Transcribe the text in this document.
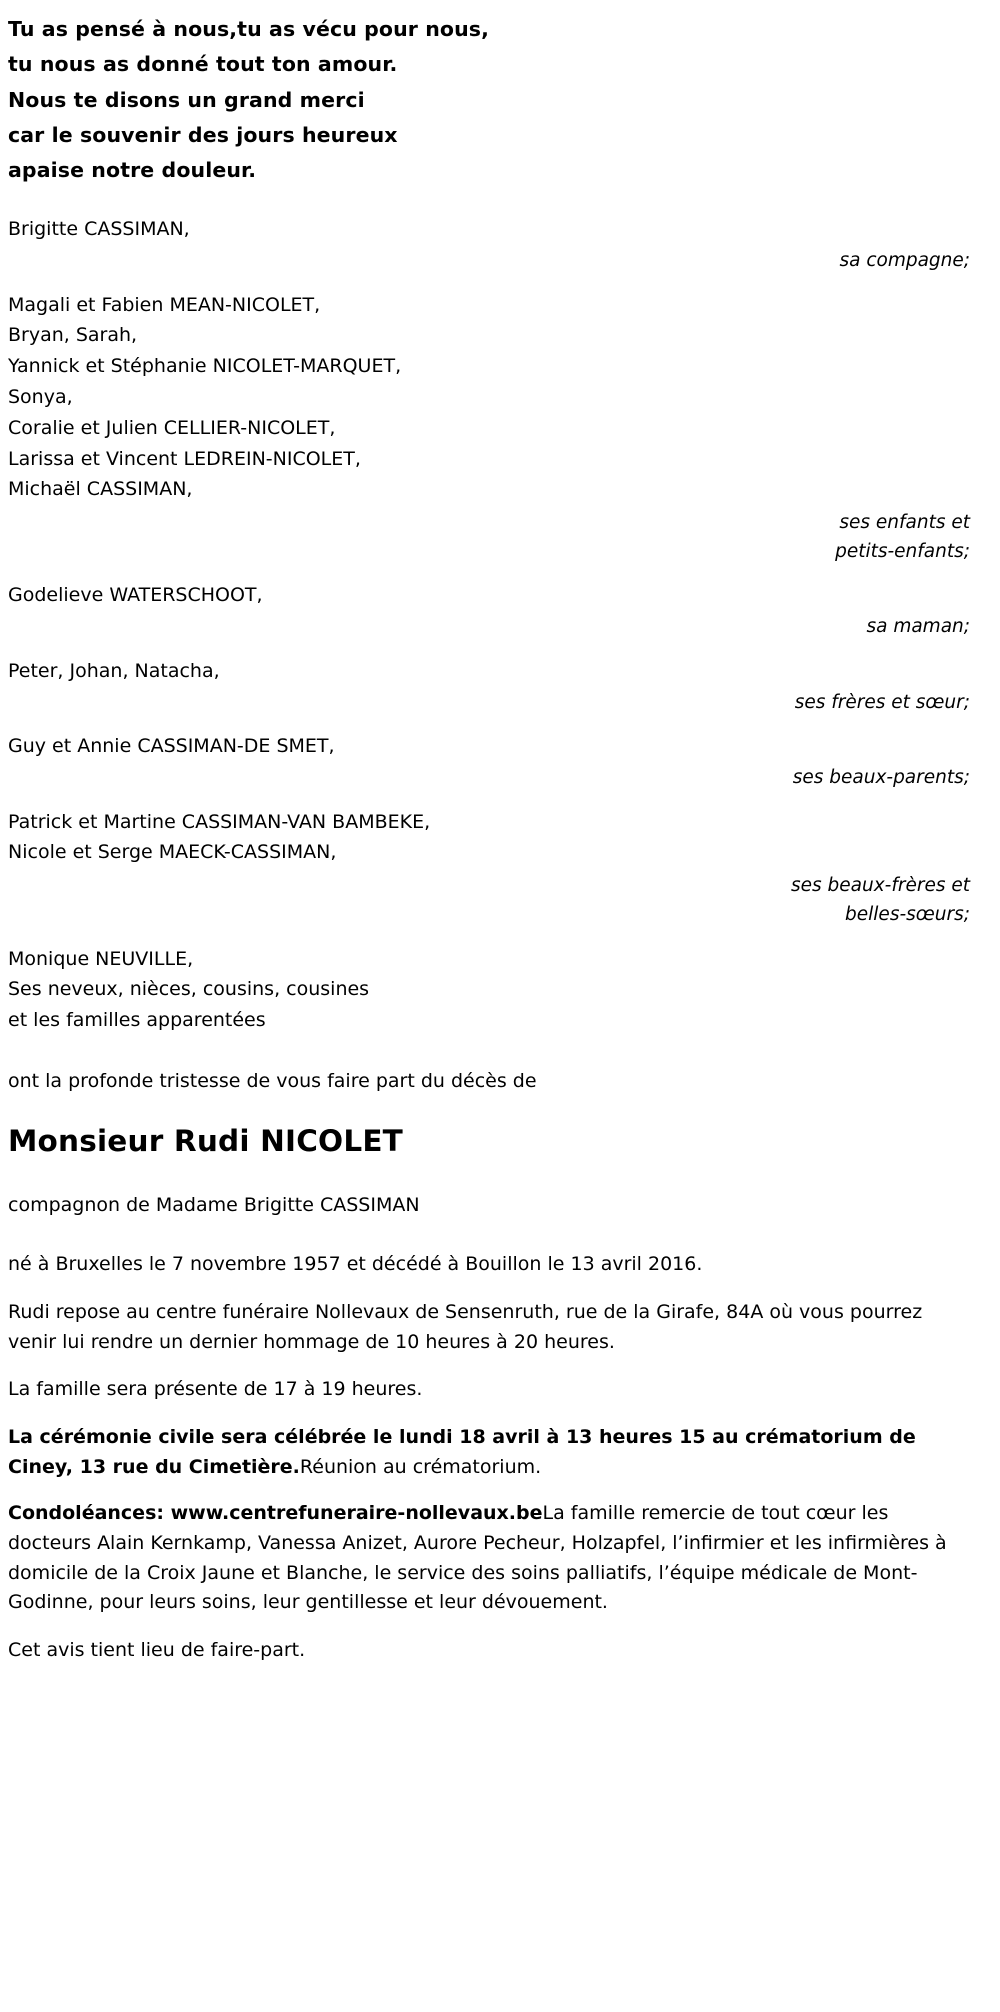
Tu as pensé à nous,tu as vécu pour nous,
tu nous as donné tout ton amour.
Nous te disons un grand merci
car le souvenir des jours heureux
apaise notre douleur.
Brigitte CASSIMAN,
sa compagne;
Magali et Fabien MEAN-NICOLET,
Bryan, Sarah,
Yannick et Stéphanie NICOLET-MARQUET,
Sonya,
Coralie et Julien CELLIER-NICOLET,
Larissa et Vincent LEDREIN-NICOLET,
Michaël CASSIMAN,
ses enfants et
petits-enfants;
Godelieve WATERSCHOOT,
sa maman;
Peter, Johan, Natacha,
ses frères et sœur;
Guy et Annie CASSIMAN-DE SMET,
ses beaux-parents;
Patrick et Martine CASSIMAN-VAN BAMBEKE,
Nicole et Serge MAECK-CASSIMAN,
ses beaux-frères et
belles-sœurs;
Monique NEUVILLE,
Ses neveux, nièces, cousins, cousines
et les familles apparentées
ont la profonde tristesse de vous faire part du décès de
Monsieur Rudi NICOLET
compagnon de Madame Brigitte CASSIMAN
né à Bruxelles le 7 novembre 1957 et décédé à Bouillon le 13 avril 2016.
Rudi repose au centre funéraire Nollevaux de Sensenruth, rue de la Girafe, 84A où vous pourrez venir lui rendre un dernier hommage de 10 heures à 20 heures.
La famille sera présente de 17 à 19 heures.
La cérémonie civile sera célébrée le lundi 18 avril à 13 heures 15 au crématorium de Ciney, 13 rue du Cimetière.Réunion au crématorium.
Condoléances: www.centrefuneraire-nollevaux.beLa famille remercie de tout cœur les docteurs Alain Kernkamp, Vanessa Anizet, Aurore Pecheur, Holzapfel, l’infirmier et les infirmières à domicile de la Croix Jaune et Blanche, le service des soins palliatifs, l’équipe médicale de Mont-Godinne, pour leurs soins, leur gentillesse et leur dévouement.
Cet avis tient lieu de faire-part.
